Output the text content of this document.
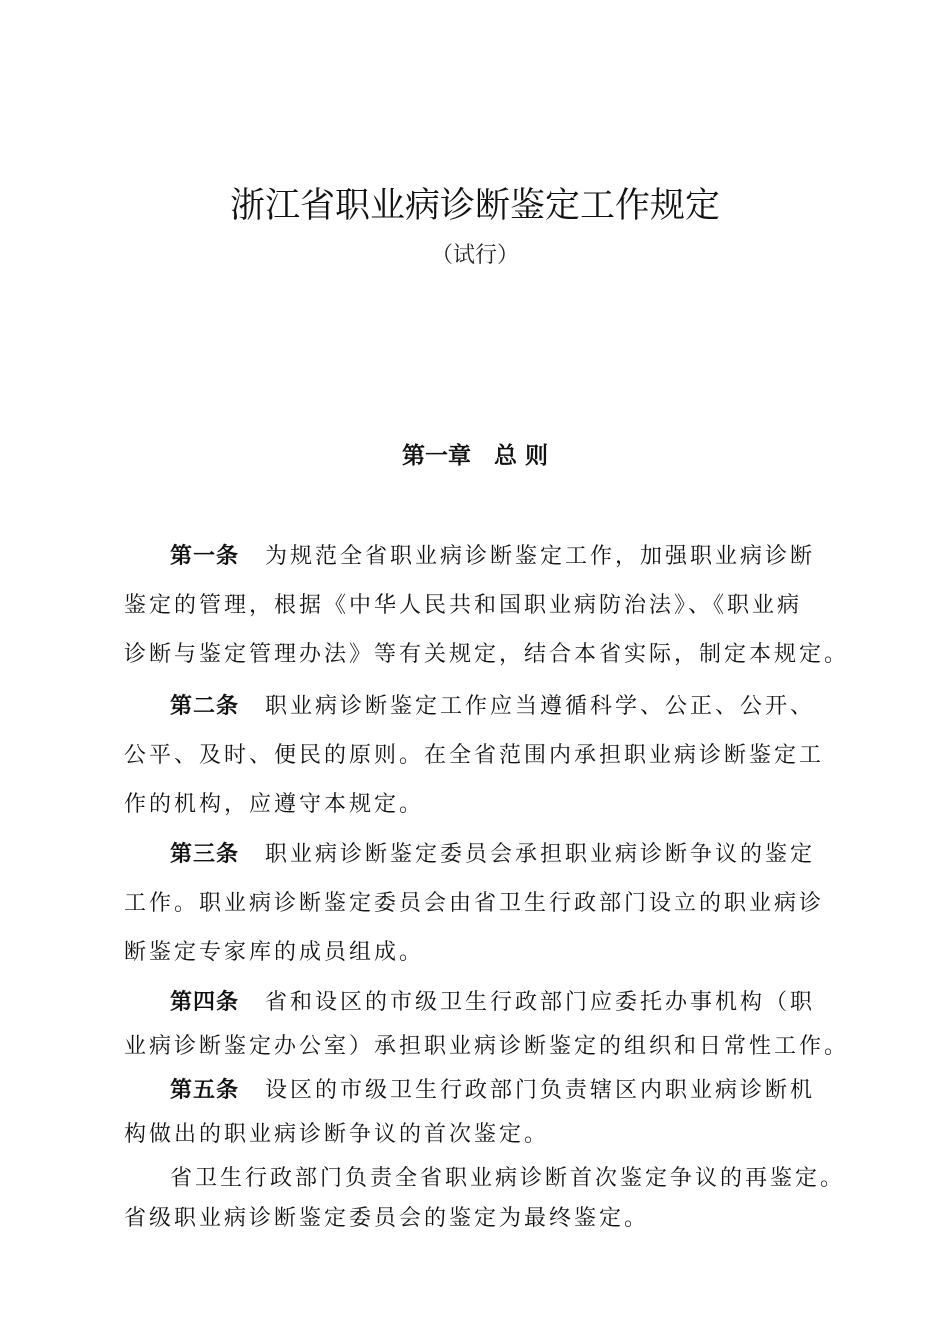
浙江省职业病诊断鉴定工作规定
（试行）
第一章　总 则
第一条 为规范全省职业病诊断鉴定工作，加强职业病诊断
鉴定的管理，根据《中华人民共和国职业病防治法》、《职业病
诊断与鉴定管理办法》等有关规定，结合本省实际，制定本规定。
第二条 职业病诊断鉴定工作应当遵循科学、公正、公开、
公平、及时、便民的原则。在全省范围内承担职业病诊断鉴定工
作的机构，应遵守本规定。
第三条 职业病诊断鉴定委员会承担职业病诊断争议的鉴定
工作。职业病诊断鉴定委员会由省卫生行政部门设立的职业病诊
断鉴定专家库的成员组成。
第四条 省和设区的市级卫生行政部门应委托办事机构（职
业病诊断鉴定办公室）承担职业病诊断鉴定的组织和日常性工作。
第五条 设区的市级卫生行政部门负责辖区内职业病诊断机
构做出的职业病诊断争议的首次鉴定。
省卫生行政部门负责全省职业病诊断首次鉴定争议的再鉴定。
省级职业病诊断鉴定委员会的鉴定为最终鉴定。
